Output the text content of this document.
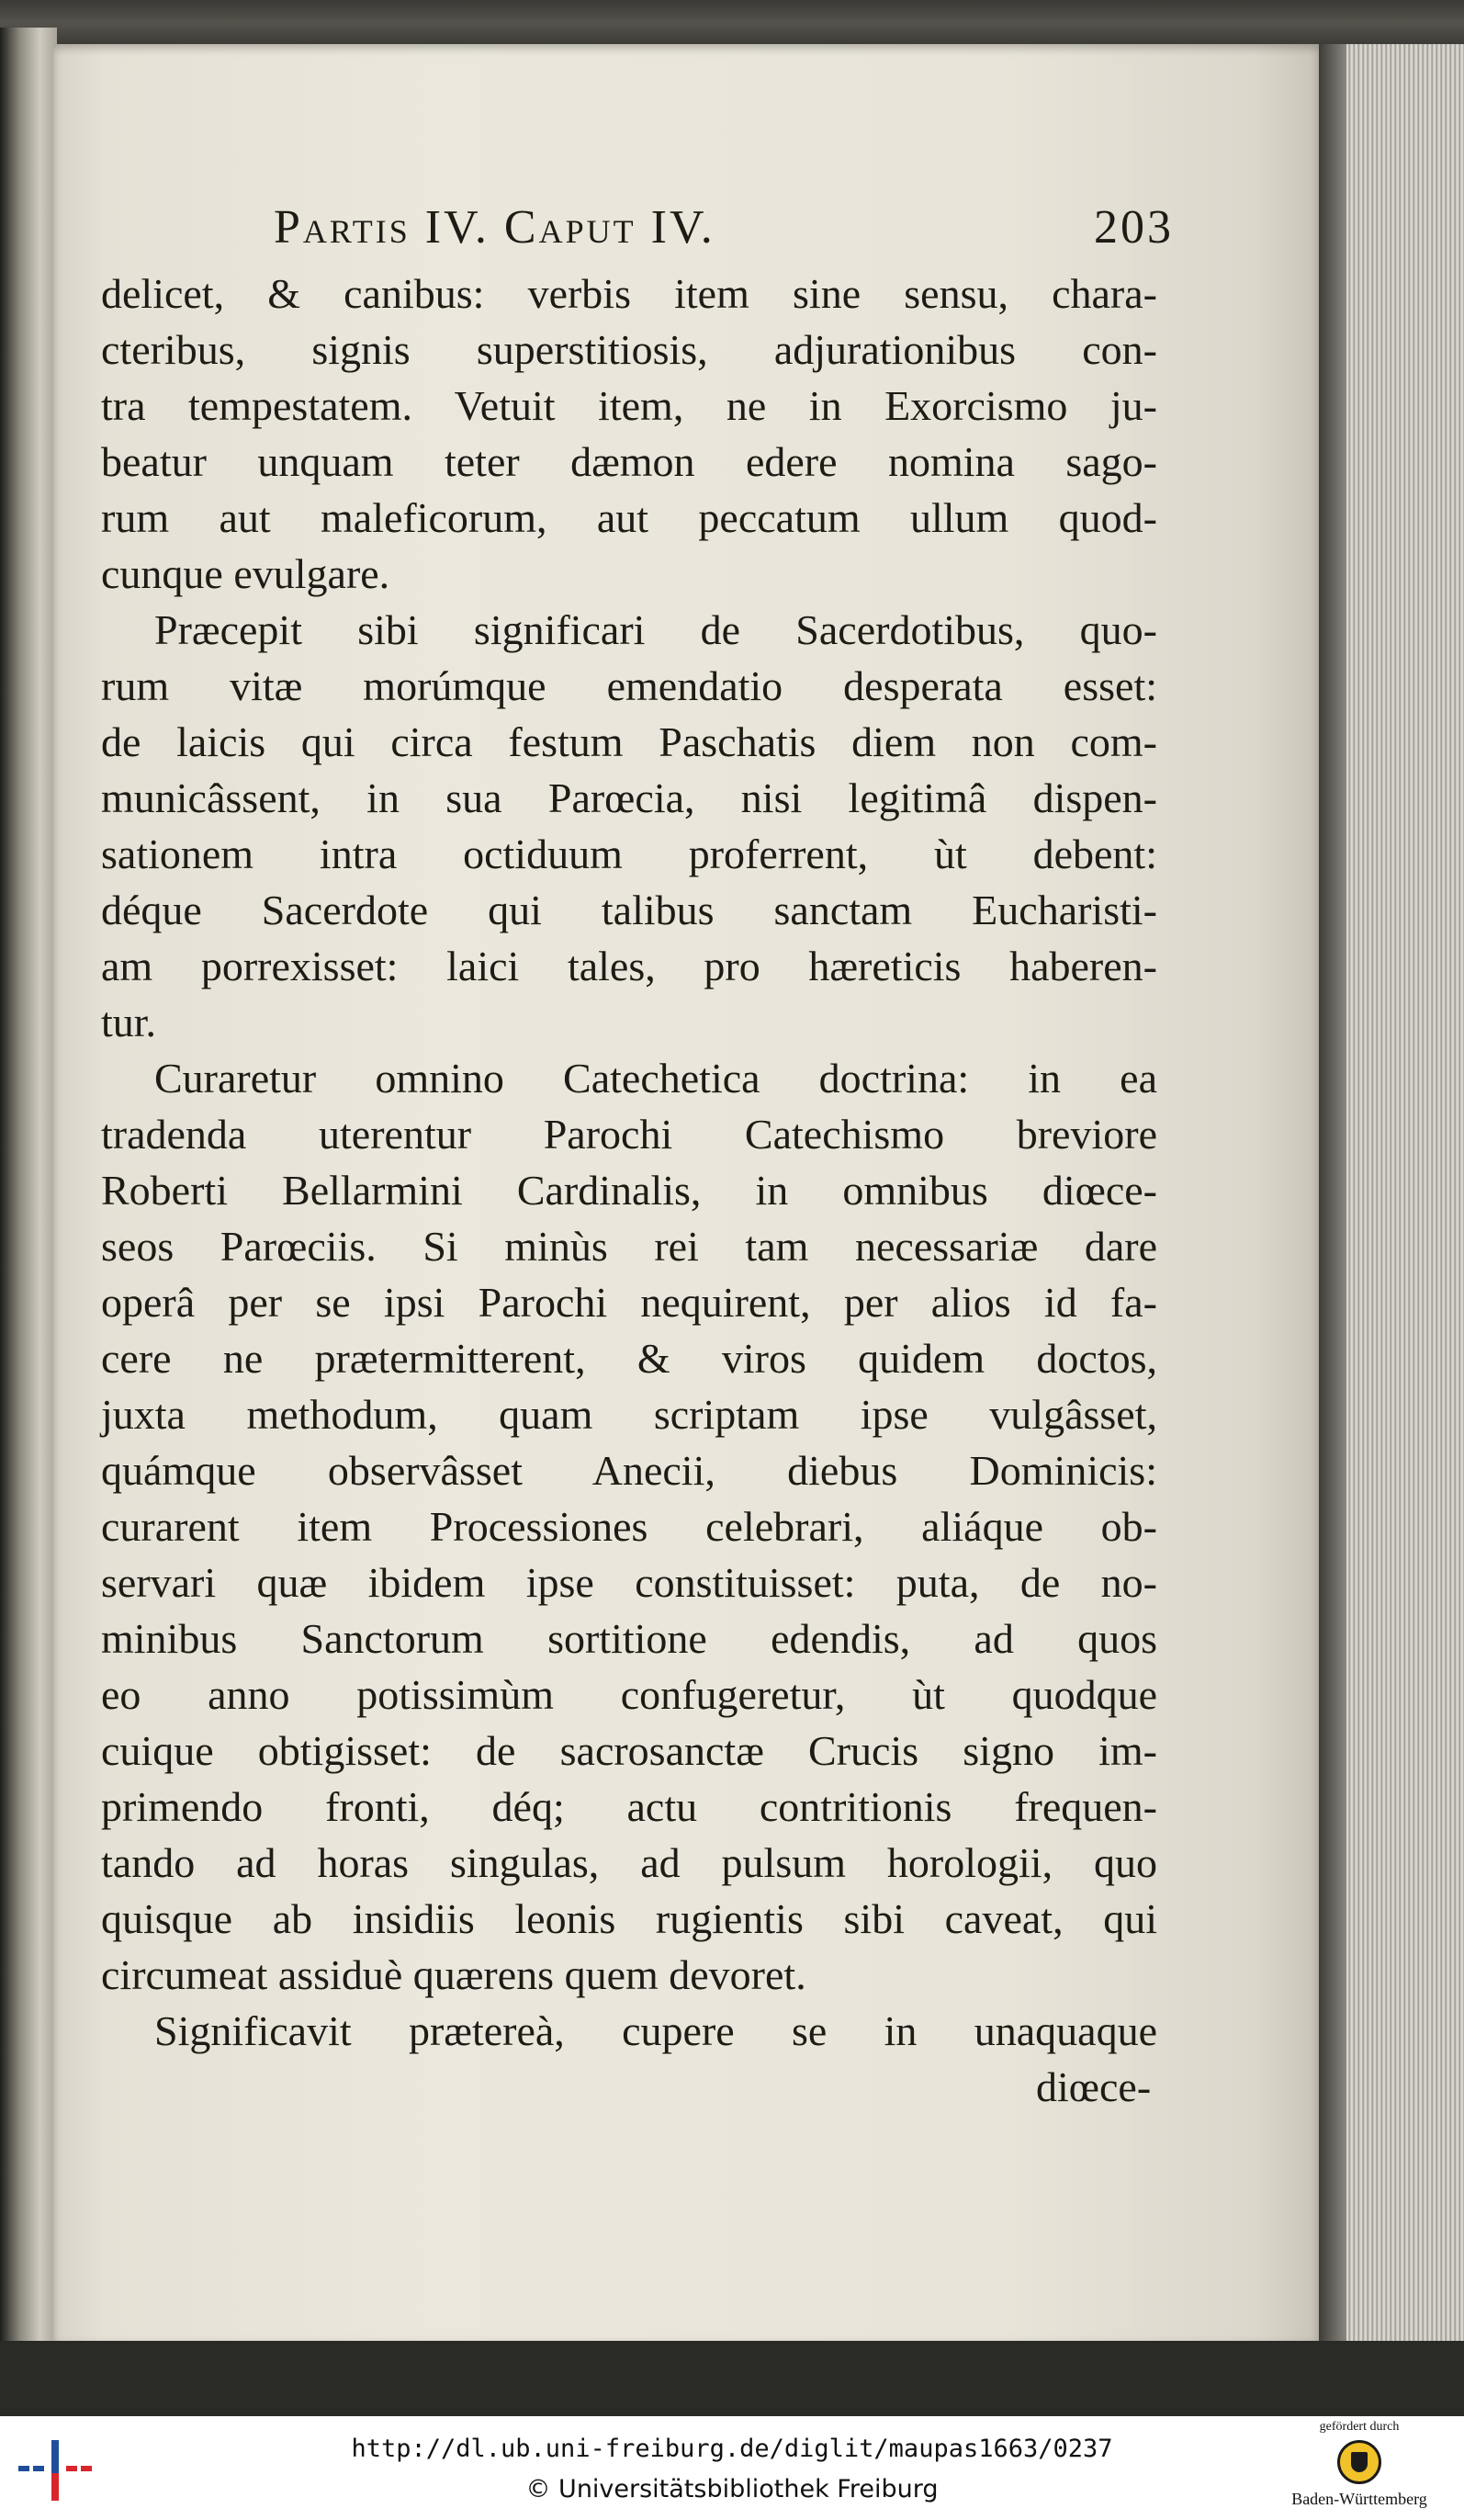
Partis IV. Caput IV.	203
delicet, & canibus: verbis item sine sensu, chara-
cteribus, signis superstitiosis, adjurationibus con-
tra tempestatem. Vetuit item, ne in Exorcismo ju-
beatur unquam teter dæmon edere nomina sago-
rum aut maleficorum, aut peccatum ullum quod-
cunque evulgare.
Præcepit sibi significari de Sacerdotibus, quo-
rum vitæ morúmque emendatio desperata esset:
de laicis qui circa festum Paschatis diem non com-
municâssent, in sua Parœcia, nisi legitimâ dispen-
sationem intra octiduum proferrent, ùt debent:
déque Sacerdote qui talibus sanctam Euchаristi-
am porrexisset: laici tales, pro hæreticis haberen-
tur.
Curaretur omnino Catechetica doctrina: in ea
tradenda uterentur Parochi Catechismo breviore
Roberti Bellarmini Cardinalis, in omnibus diœce-
seos Parœciis. Si minùs rei tam necessariæ dare
operâ per se ipsi Parochi nequirent, per alios id fa-
cere ne prætermitterent, & viros quidem doctos,
juxta methodum, quam scriptam ipse vulgâsset,
quámque observâsset Anecii, diebus Dominicis:
curarent item Processiones celebrari, aliáque ob-
servari quæ ibidem ipse constituisset: puta, de no-
minibus Sanctorum sortitione edendis, ad quos
eo anno potissimùm confugeretur, ùt quodque
cuique obtigisset: de sacrosanctæ Crucis signo im-
primendo fronti, déq; actu contritionis frequen-
tando ad horas singulas, ad pulsum horologii, quo
quisque ab insidiis leonis rugientis sibi caveat, qui
circumeat assiduè quærens quem devoret.
Significavit prætereà, cupere se in unaquaque
diœce-
http://dl.ub.uni-freiburg.de/diglit/maupas1663/0237
© Universitätsbibliothek Freiburg
gefördert durch
Baden-Württemberg
